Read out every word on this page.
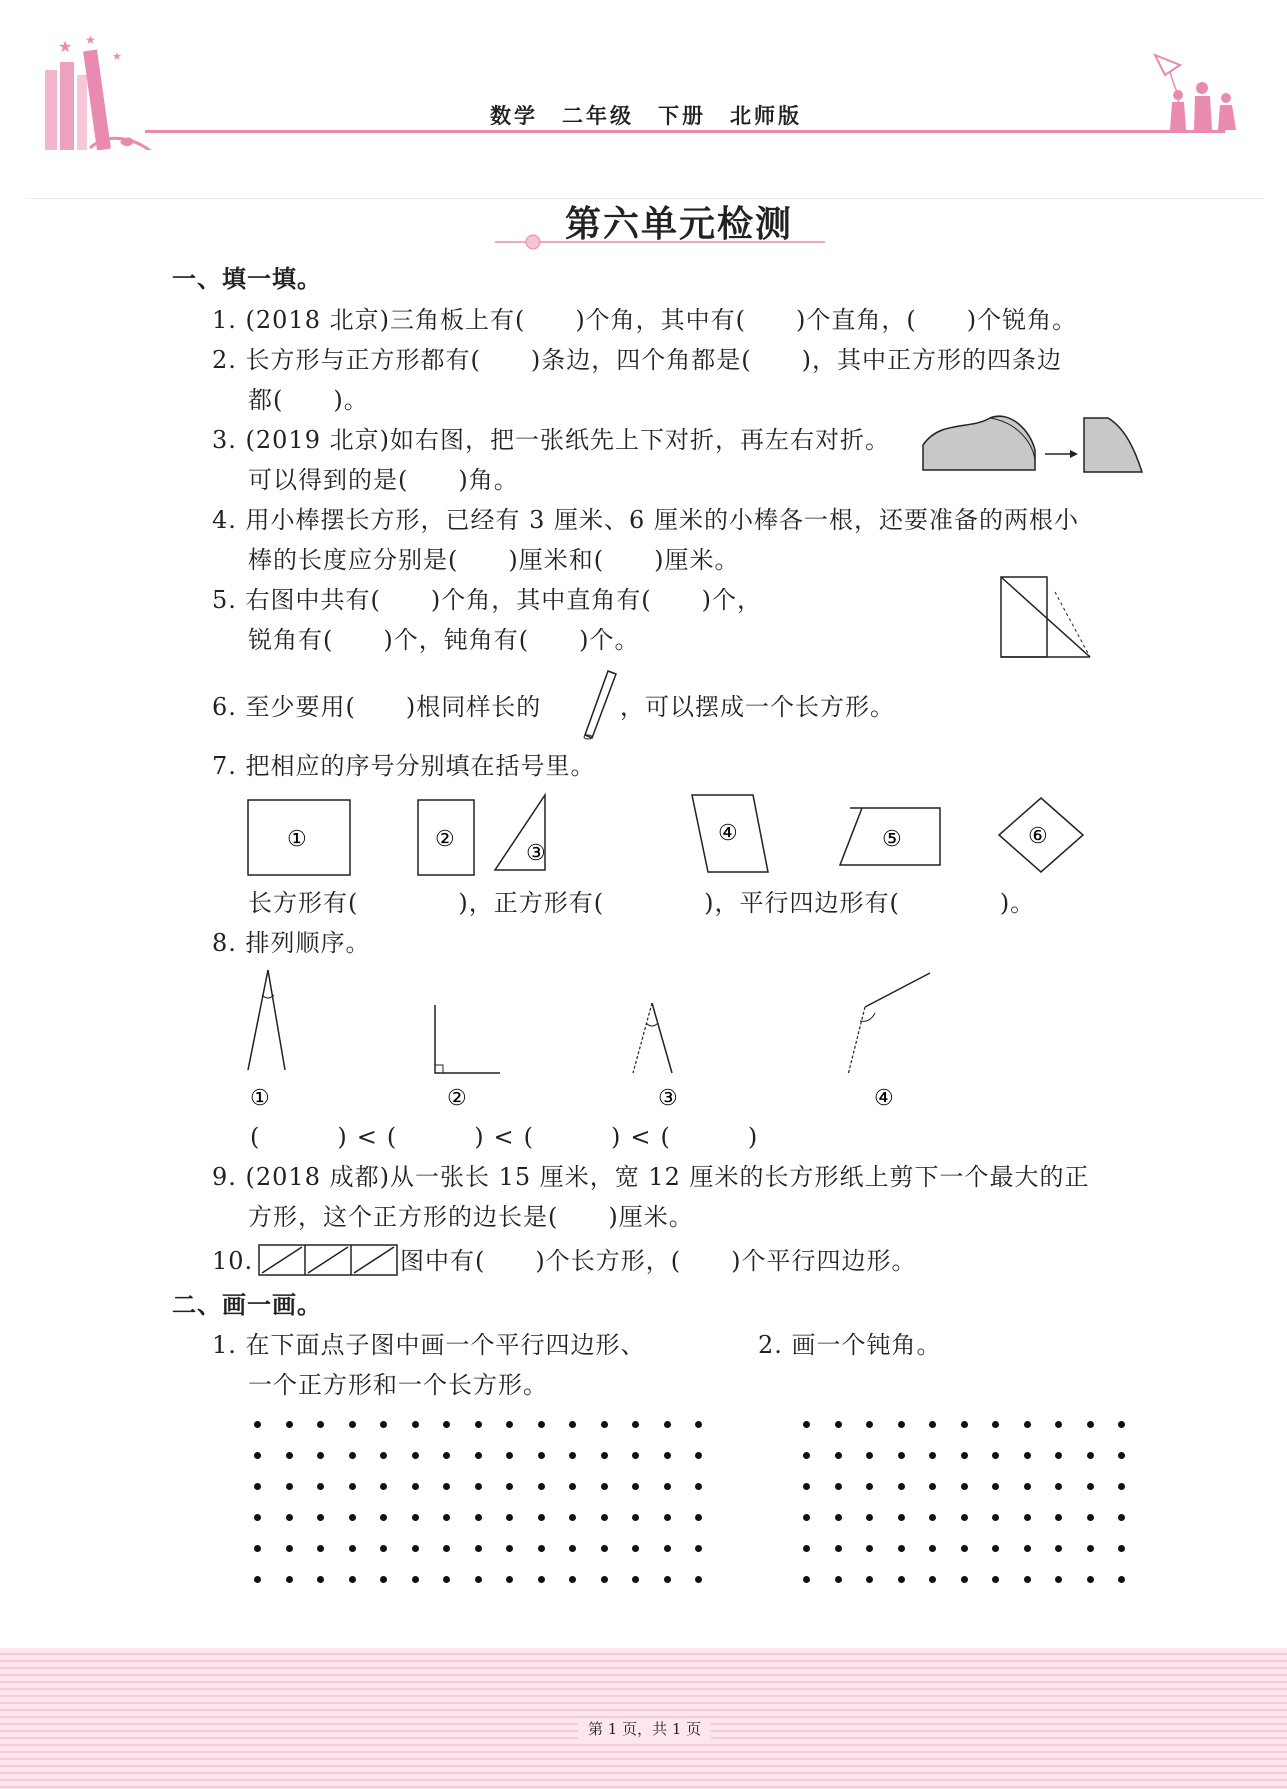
★ ★
★
数学　二年级　下册　北师版
第六单元检测
一、填一填。
1. (2018 北京)三角板上有(　　)个角，其中有(　　)个直角，(　　)个锐角。
2. 长方形与正方形都有(　　)条边，四个角都是(　　)，其中正方形的四条边
都(　　)。
3. (2019 北京)如右图，把一张纸先上下对折，再左右对折。
可以得到的是(　　)角。
4. 用小棒摆长方形，已经有 3 厘米、6 厘米的小棒各一根，还要准备的两根小
棒的长度应分别是(　　)厘米和(　　)厘米。
5. 右图中共有(　　)个角，其中直角有(　　)个，
锐角有(　　)个，钝角有(　　)个。
6. 至少要用(　　)根同样长的	，可以摆成一个长方形。
7. 把相应的序号分别填在括号里。
①	②
③
④	⑤	⑥
长方形有(　　　　)，正方形有(　　　　)，平行四边形有(　　　　)。
8. 排列顺序。
①	②	③	④
(　　)<(　　)<(　　)<(　　)
9. (2018 成都)从一张长 15 厘米，宽 12 厘米的长方形纸上剪下一个最大的正
方形，这个正方形的边长是(　　)厘米。
10.	图中有(　　)个长方形，(　　)个平行四边形。
二、画一画。
1. 在下面点子图中画一个平行四边形、
一个正方形和一个长方形。
2. 画一个钝角。
第 1 页，共 1 页
